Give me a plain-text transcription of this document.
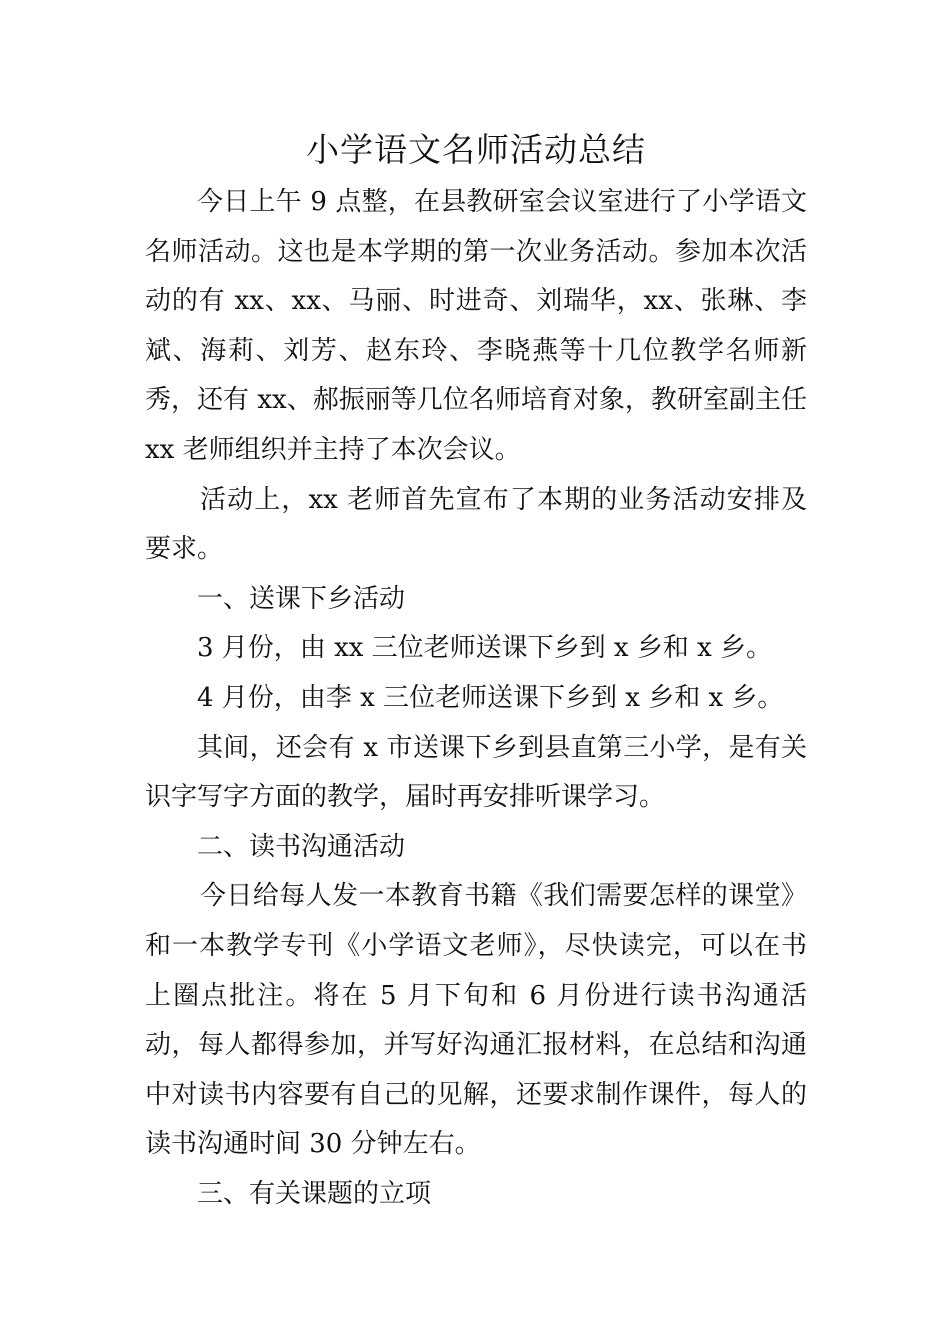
小学语文名师活动总结

今日上午 9 点整，在县教研室会议室进行了小学语文名师活动。这也是本学期的第一次业务活动。参加本次活动的有 xx、xx、马丽、时进奇、刘瑞华，xx、张琳、李斌、海莉、刘芳、赵东玲、李晓燕等十几位教学名师新秀，还有 xx、郝振丽等几位名师培育对象，教研室副主任 xx 老师组织并主持了本次会议。

活动上，xx 老师首先宣布了本期的业务活动安排及要求。

一、送课下乡活动

3 月份，由 xx 三位老师送课下乡到 x 乡和 x 乡。

4 月份，由李 x 三位老师送课下乡到 x 乡和 x 乡。

其间，还会有 x 市送课下乡到县直第三小学，是有关识字写字方面的教学，届时再安排听课学习。

二、读书沟通活动

今日给每人发一本教育书籍《我们需要怎样的课堂》和一本教学专刊《小学语文老师》，尽快读完，可以在书上圈点批注。将在 5 月下旬和 6 月份进行读书沟通活动，每人都得参加，并写好沟通汇报材料，在总结和沟通中对读书内容要有自己的见解，还要求制作课件，每人的读书沟通时间 30 分钟左右。

三、有关课题的立项
